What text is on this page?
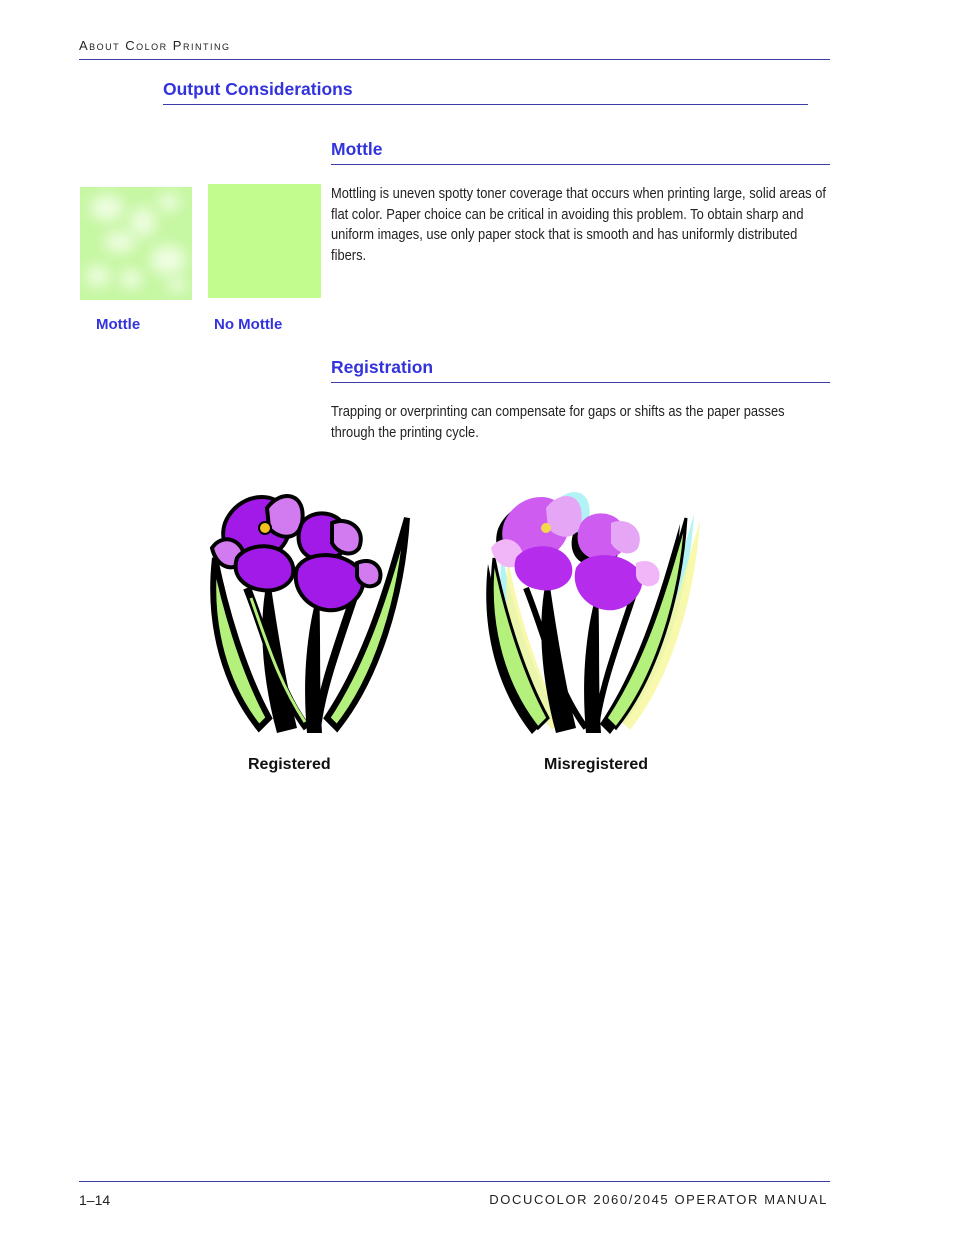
About Color Printing
Output Considerations
Mottle
Mottling is uneven spotty toner coverage that occurs when printing large, solid areas of flat color. Paper choice can be critical in avoiding this problem. To obtain sharp and uniform images, use only paper stock that is smooth and has uniformly distributed fibers.
Mottle	No Mottle
Registration
Trapping or overprinting can compensate for gaps or shifts as the paper passes through the printing cycle.
Registered	Misregistered
1–14	DOCUCOLOR 2060/2045 OPERATOR MANUAL
